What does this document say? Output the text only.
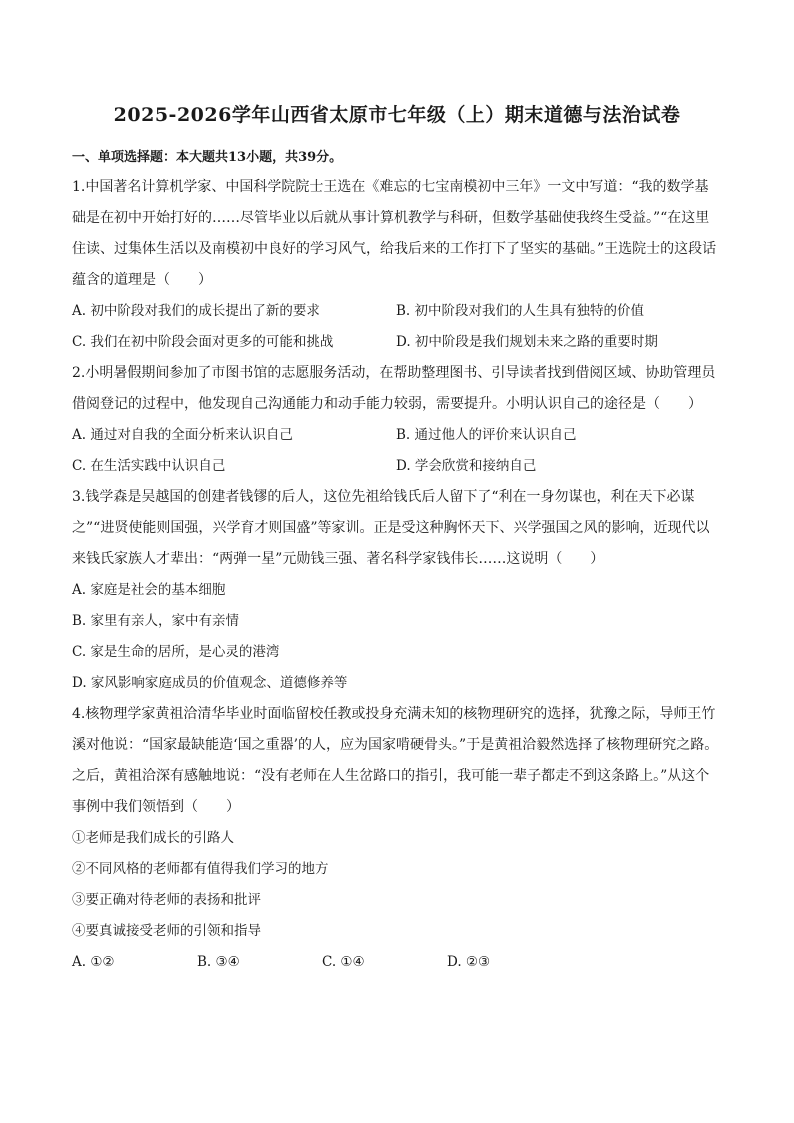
2025-2026学年山西省太原市七年级（上）期末道德与法治试卷
一、单项选择题：本大题共13小题，共39分。

1.中国著名计算机学家、中国科学院院士王选在《难忘的七宝南模初中三年》一文中写道：“我的数学基础是在初中开始打好的……尽管毕业以后就从事计算机教学与科研，但数学基础使我终生受益。”“在这里住读、过集体生活以及南模初中良好的学习风气，给我后来的工作打下了坚实的基础。”王选院士的这段话蕴含的道理是（　　）

A. 初中阶段对我们的成长提出了新的要求	B. 初中阶段对我们的人生具有独特的价值
C. 我们在初中阶段会面对更多的可能和挑战	D. 初中阶段是我们规划未来之路的重要时期

2.小明暑假期间参加了市图书馆的志愿服务活动，在帮助整理图书、引导读者找到借阅区域、协助管理员借阅登记的过程中，他发现自己沟通能力和动手能力较弱，需要提升。小明认识自己的途径是（　　）

A. 通过对自我的全面分析来认识自己	B. 通过他人的评价来认识自己
C. 在生活实践中认识自己	D. 学会欣赏和接纳自己

3.钱学森是吴越国的创建者钱镠的后人，这位先祖给钱氏后人留下了“利在一身勿谋也，利在天下必谋之”“进贤使能则国强，兴学育才则国盛”等家训。正是受这种胸怀天下、兴学强国之风的影响，近现代以来钱氏家族人才辈出：“两弹一星”元勋钱三强、著名科学家钱伟长……这说明（　　）

A. 家庭是社会的基本细胞

B. 家里有亲人，家中有亲情

C. 家是生命的居所，是心灵的港湾

D. 家风影响家庭成员的价值观念、道德修养等

4.核物理学家黄祖洽清华毕业时面临留校任教或投身充满未知的核物理研究的选择，犹豫之际，导师王竹溪对他说：“国家最缺能造‘国之重器’的人，应为国家啃硬骨头。”于是黄祖洽毅然选择了核物理研究之路。之后，黄祖洽深有感触地说：“没有老师在人生岔路口的指引，我可能一辈子都走不到这条路上。”从这个事例中我们领悟到（　　）

①老师是我们成长的引路人

②不同风格的老师都有值得我们学习的地方

③要正确对待老师的表扬和批评

④要真诚接受老师的引领和指导

A. ①②	B. ③④	C. ①④	D. ②③
